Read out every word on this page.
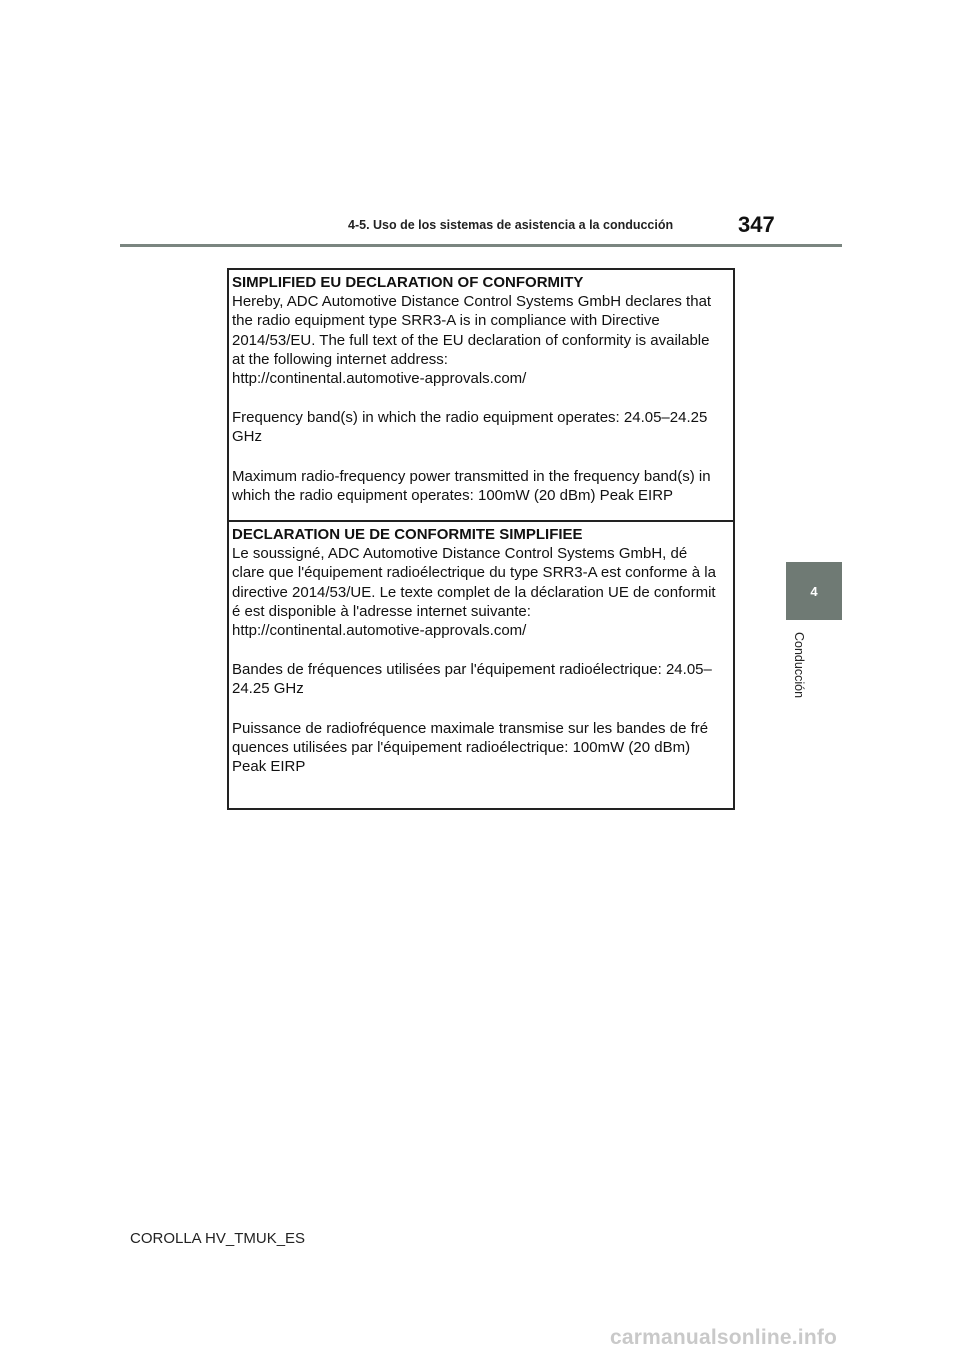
4-5. Uso de los sistemas de asistencia a la conducción	347
4
Conducción
SIMPLIFIED EU DECLARATION OF CONFORMITY
Hereby, ADC Automotive Distance Control Systems GmbH declares that
the radio equipment type SRR3-A is in compliance with Directive
2014/53/EU. The full text of the EU declaration of conformity is available
at the following internet address:
http://continental.automotive-approvals.com/
Frequency band(s) in which the radio equipment operates: 24.05–24.25
GHz
Maximum radio-frequency power transmitted in the frequency band(s) in
which the radio equipment operates: 100mW (20 dBm) Peak EIRP
DECLARATION UE DE CONFORMITE SIMPLIFIEE
Le soussigné, ADC Automotive Distance Control Systems GmbH, dé
clare que l'équipement radioélectrique du type SRR3-A est conforme à la
directive 2014/53/UE. Le texte complet de la déclaration UE de conformit
é est disponible à l'adresse internet suivante:
http://continental.automotive-approvals.com/
Bandes de fréquences utilisées par l'équipement radioélectrique: 24.05–
24.25 GHz
Puissance de radiofréquence maximale transmise sur les bandes de fré
quences utilisées par l'équipement radioélectrique: 100mW (20 dBm)
Peak EIRP
COROLLA HV_TMUK_ES
carmanualsonline.info
